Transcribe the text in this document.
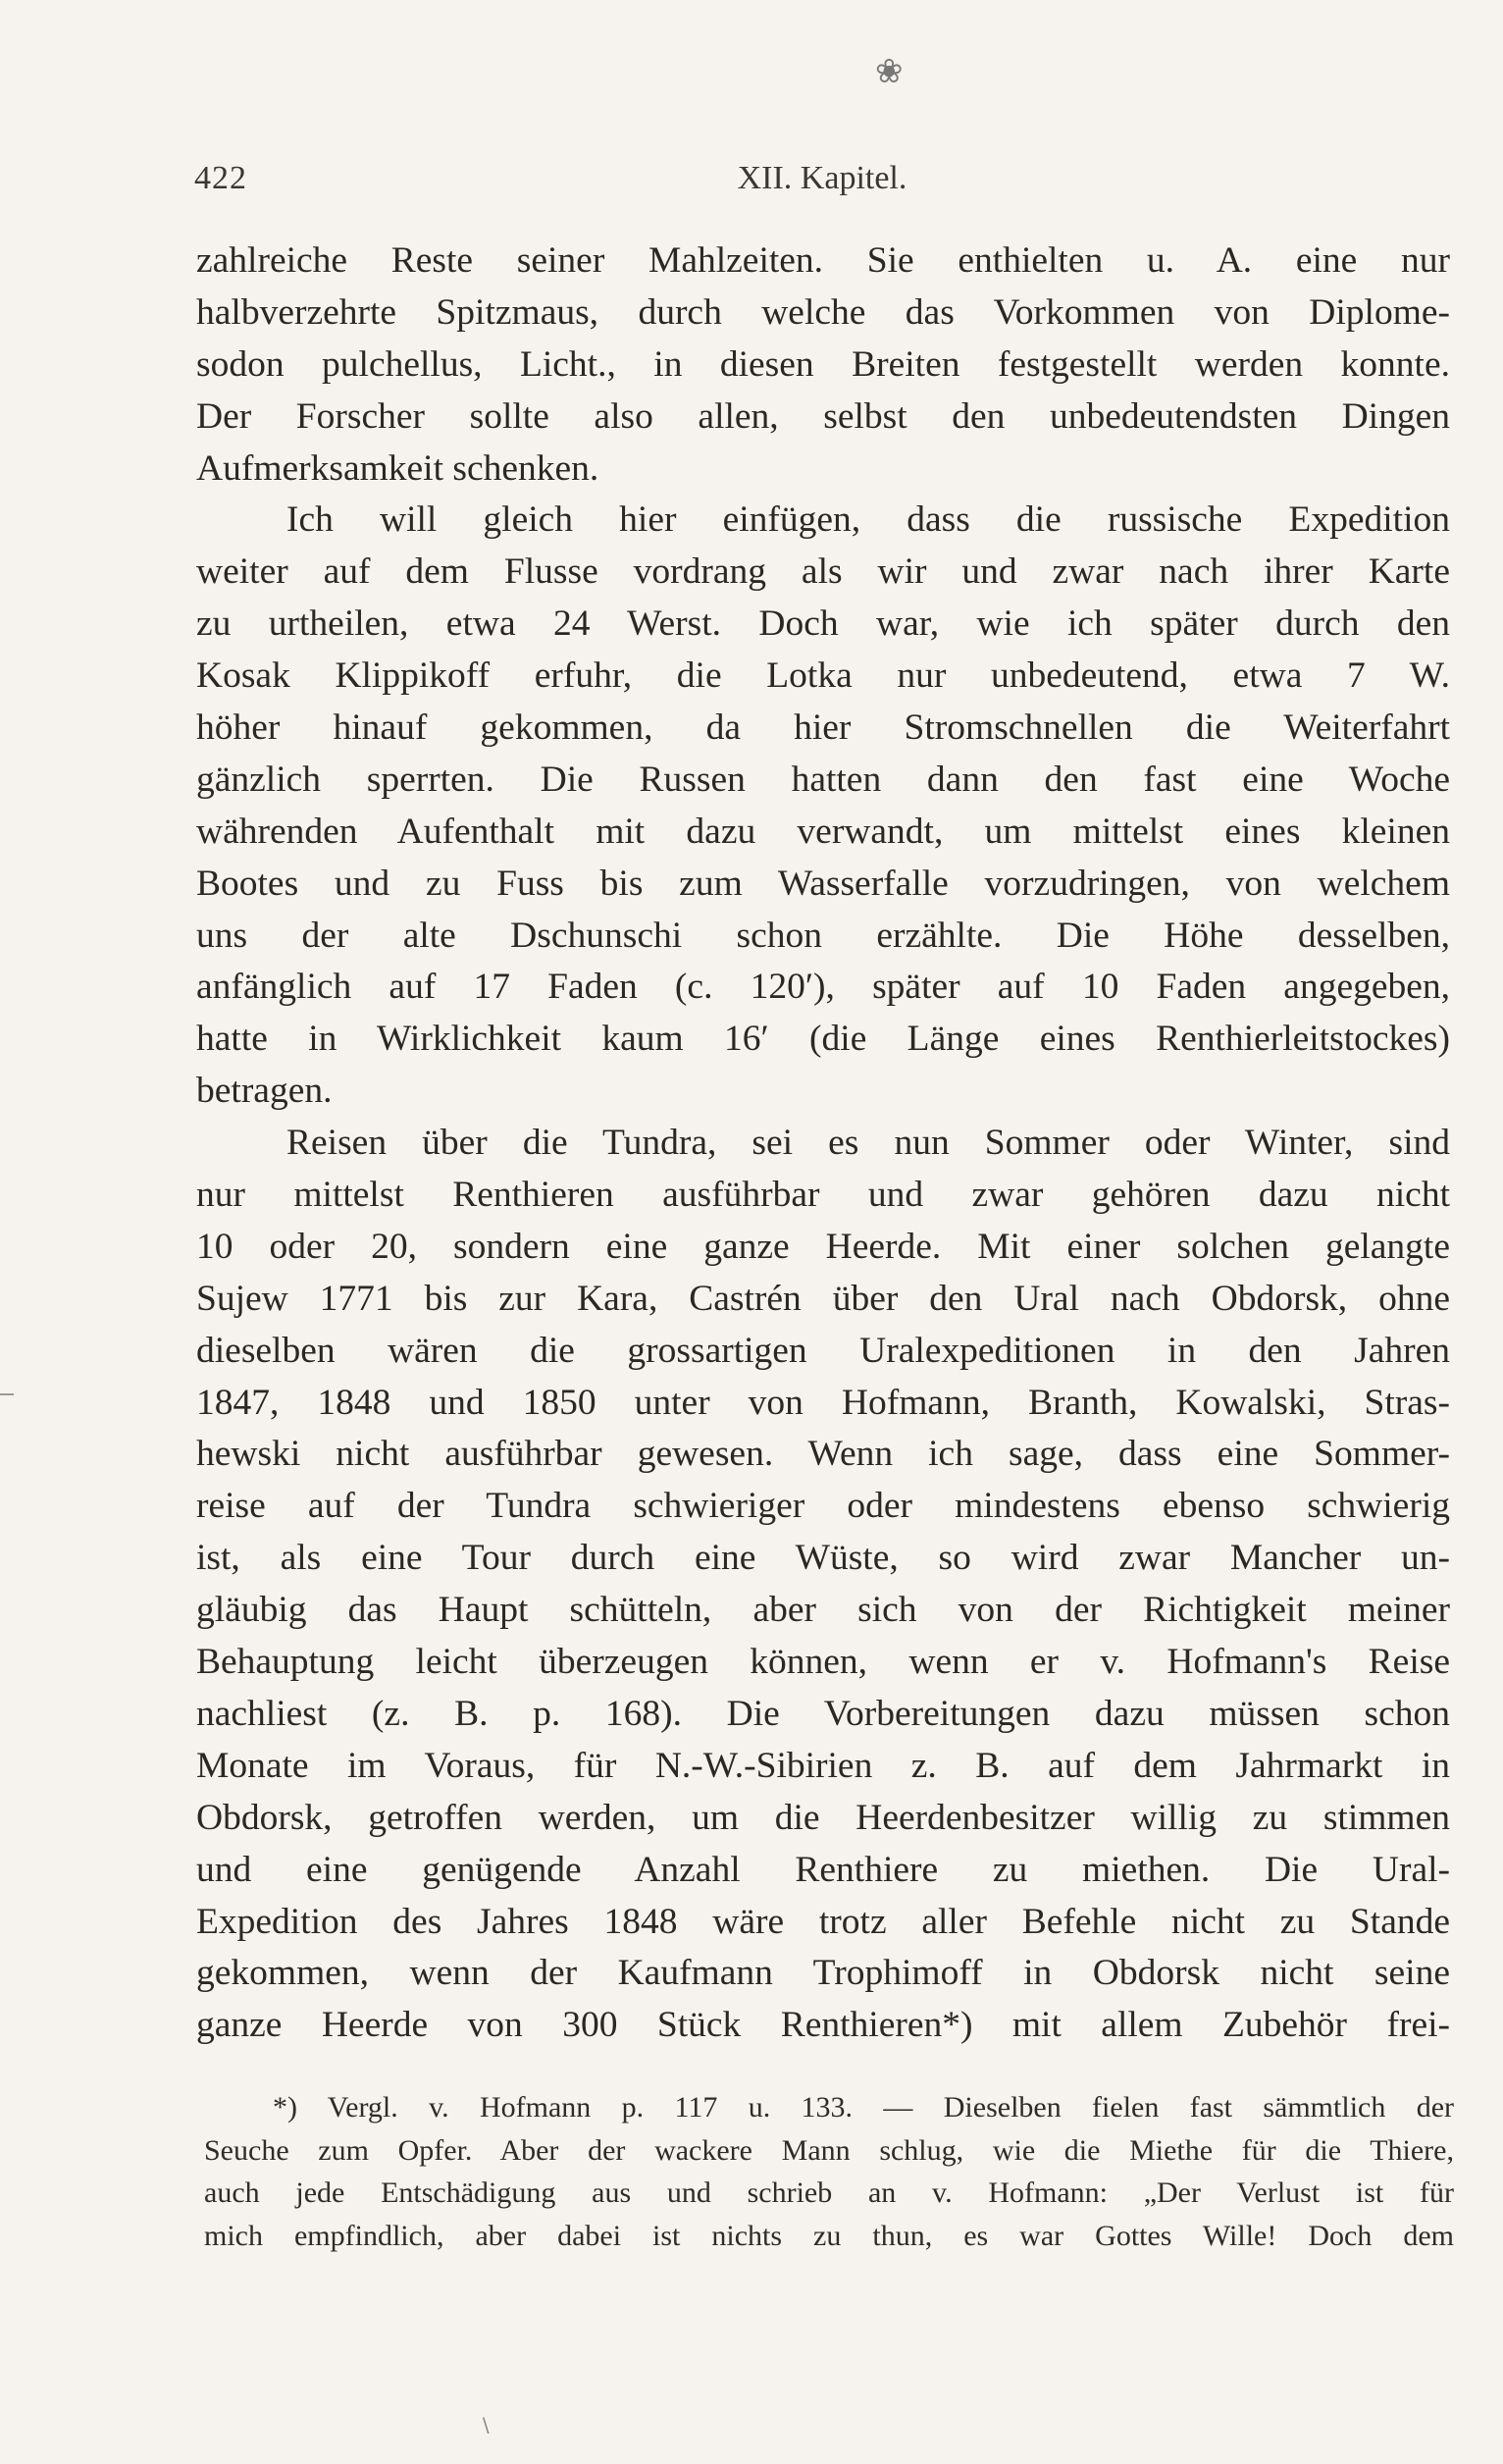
❀
422	XII. Kapitel.
zahlreiche Reste seiner Mahlzeiten. Sie enthielten u. A. eine nur
halbverzehrte Spitzmaus, durch welche das Vorkommen von Diplome-
sodon pulchellus, Licht., in diesen Breiten festgestellt werden konnte.
Der Forscher sollte also allen, selbst den unbedeutendsten Dingen
Aufmerksamkeit schenken.
Ich will gleich hier einfügen, dass die russische Expedition
weiter auf dem Flusse vordrang als wir und zwar nach ihrer Karte
zu urtheilen, etwa 24 Werst. Doch war, wie ich später durch den
Kosak Klippikoff erfuhr, die Lotka nur unbedeutend, etwa 7 W.
höher hinauf gekommen, da hier Stromschnellen die Weiterfahrt
gänzlich sperrten. Die Russen hatten dann den fast eine Woche
währenden Aufenthalt mit dazu verwandt, um mittelst eines kleinen
Bootes und zu Fuss bis zum Wasserfalle vorzudringen, von welchem
uns der alte Dschunschi schon erzählte. Die Höhe desselben,
anfänglich auf 17 Faden (c. 120′), später auf 10 Faden angegeben,
hatte in Wirklichkeit kaum 16′ (die Länge eines Renthierleitstockes)
betragen.
Reisen über die Tundra, sei es nun Sommer oder Winter, sind
nur mittelst Renthieren ausführbar und zwar gehören dazu nicht
10 oder 20, sondern eine ganze Heerde. Mit einer solchen gelangte
Sujew 1771 bis zur Kara, Castrén über den Ural nach Obdorsk, ohne
dieselben wären die grossartigen Uralexpeditionen in den Jahren
1847, 1848 und 1850 unter von Hofmann, Branth, Kowalski, Stras-
hewski nicht ausführbar gewesen. Wenn ich sage, dass eine Sommer-
reise auf der Tundra schwieriger oder mindestens ebenso schwierig
ist, als eine Tour durch eine Wüste, so wird zwar Mancher un-
gläubig das Haupt schütteln, aber sich von der Richtigkeit meiner
Behauptung leicht überzeugen können, wenn er v. Hofmann's Reise
nachliest (z. B. p. 168). Die Vorbereitungen dazu müssen schon
Monate im Voraus, für N.-W.-Sibirien z. B. auf dem Jahrmarkt in
Obdorsk, getroffen werden, um die Heerdenbesitzer willig zu stimmen
und eine genügende Anzahl Renthiere zu miethen. Die Ural-
Expedition des Jahres 1848 wäre trotz aller Befehle nicht zu Stande
gekommen, wenn der Kaufmann Trophimoff in Obdorsk nicht seine
ganze Heerde von 300 Stück Renthieren*) mit allem Zubehör frei-
*) Vergl. v. Hofmann p. 117 u. 133. — Dieselben fielen fast sämmtlich der
Seuche zum Opfer. Aber der wackere Mann schlug, wie die Miethe für die Thiere,
auch jede Entschädigung aus und schrieb an v. Hofmann: „Der Verlust ist für
mich empfindlich, aber dabei ist nichts zu thun, es war Gottes Wille! Doch dem
∖
